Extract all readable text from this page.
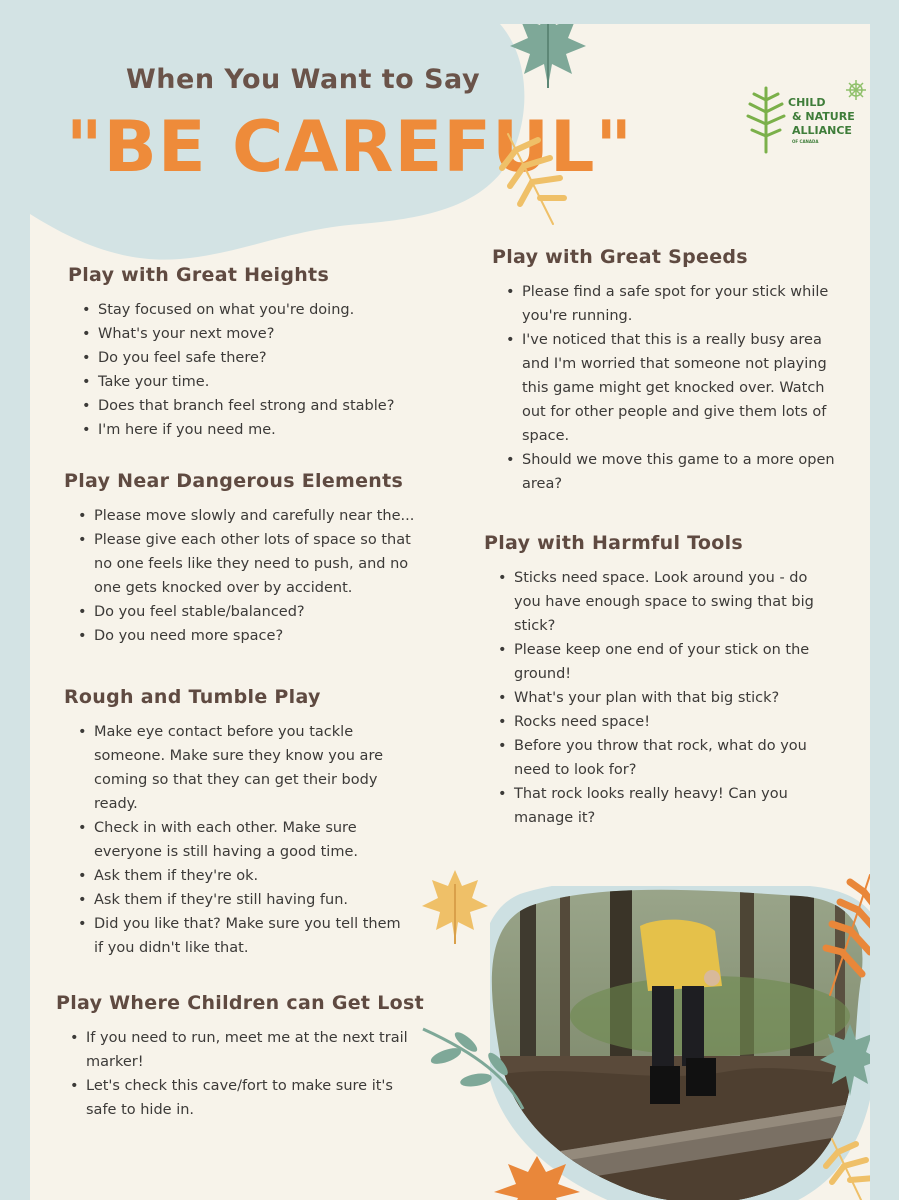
When You Want to Say
"BE CAREFUL"
CHILD

& NATURE
ALLIANCE
OF CANADA
Play with Great Heights
• Stay focused on what you're doing.
• What's your next move?
• Do you feel safe there?
• Take your time.
• Does that branch feel strong and stable?
• I'm here if you need me.
Play Near Dangerous Elements
• Please move slowly and carefully near the...
• Please give each other lots of space so that no one feels like they need to push, and no one gets knocked over by accident.
• Do you feel stable/balanced?
• Do you need more space?
Rough and Tumble Play
• Make eye contact before you tackle someone. Make sure they know you are coming so that they can get their body ready.
• Check in with each other. Make sure everyone is still having a good time.
• Ask them if they're ok.
• Ask them if they're still having fun.
• Did you like that? Make sure you tell them if you didn't like that.
Play Where Children can Get Lost
• If you need to run, meet me at the next trail marker!
• Let's check this cave/fort to make sure it's safe to hide in.
Play with Great Speeds
• Please find a safe spot for your stick while you're running.
• I've noticed that this is a really busy area and I'm worried that someone not playing this game might get knocked over. Watch out for other people and give them lots of space.
• Should we move this game to a more open area?
Play with Harmful Tools
• Sticks need space. Look around you - do you have enough space to swing that big stick?
• Please keep one end of your stick on the ground!
• What's your plan with that big stick?
• Rocks need space!
• Before you throw that rock, what do you need to look for?
• That rock looks really heavy! Can you manage it?
